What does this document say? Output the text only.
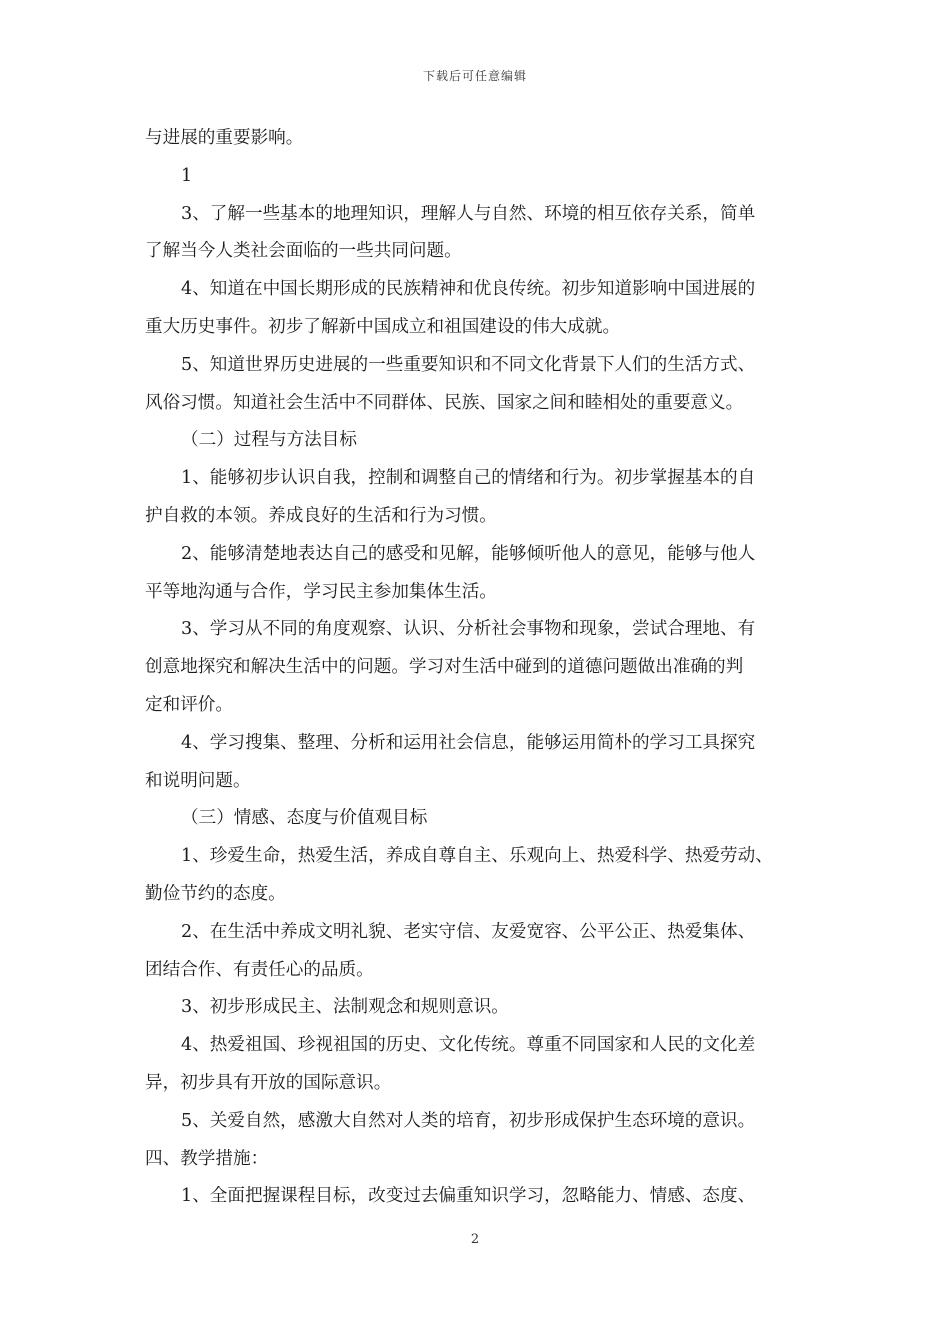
下载后可任意编辑
与进展的重要影响。
1
3、了解一些基本的地理知识，理解人与自然、环境的相互依存关系，简单
了解当今人类社会面临的一些共同问题。
4、知道在中国长期形成的民族精神和优良传统。初步知道影响中国进展的
重大历史事件。初步了解新中国成立和祖国建设的伟大成就。
5、知道世界历史进展的一些重要知识和不同文化背景下人们的生活方式、
风俗习惯。知道社会生活中不同群体、民族、国家之间和睦相处的重要意义。
（二）过程与方法目标
1、能够初步认识自我，控制和调整自己的情绪和行为。初步掌握基本的自
护自救的本领。养成良好的生活和行为习惯。
2、能够清楚地表达自己的感受和见解，能够倾听他人的意见，能够与他人
平等地沟通与合作，学习民主参加集体生活。
3、学习从不同的角度观察、认识、分析社会事物和现象，尝试合理地、有
创意地探究和解决生活中的问题。学习对生活中碰到的道德问题做出准确的判
定和评价。
4、学习搜集、整理、分析和运用社会信息，能够运用简朴的学习工具探究
和说明问题。
（三）情感、态度与价值观目标
1、珍爱生命，热爱生活，养成自尊自主、乐观向上、热爱科学、热爱劳动、
勤俭节约的态度。
2、在生活中养成文明礼貌、老实守信、友爱宽容、公平公正、热爱集体、
团结合作、有责任心的品质。
3、初步形成民主、法制观念和规则意识。
4、热爱祖国、珍视祖国的历史、文化传统。尊重不同国家和人民的文化差
异，初步具有开放的国际意识。
5、关爱自然，感激大自然对人类的培育，初步形成保护生态环境的意识。
四、教学措施：
1、全面把握课程目标，改变过去偏重知识学习，忽略能力、情感、态度、
2
